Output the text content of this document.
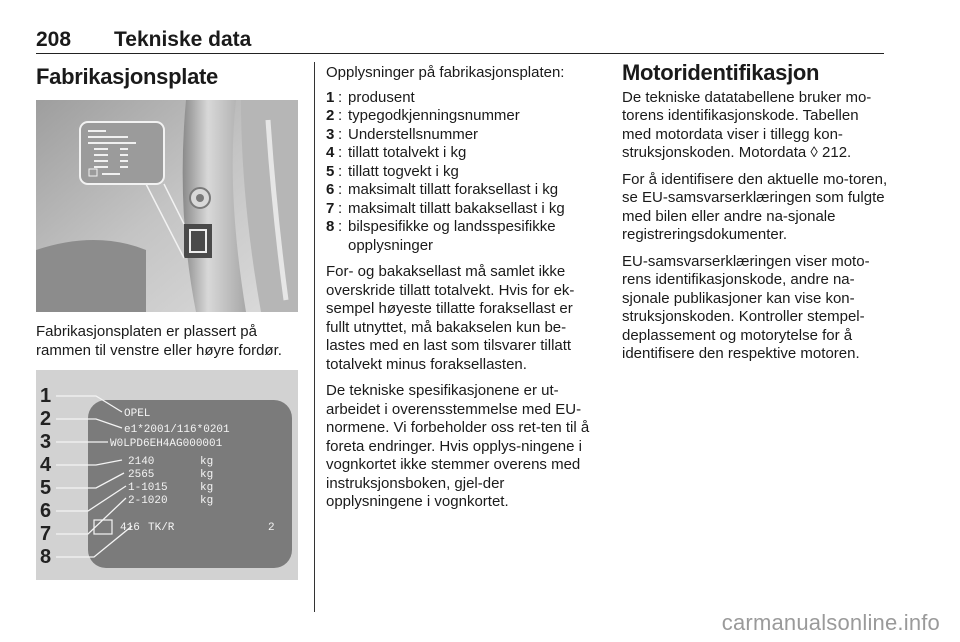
208 Tekniske data
Fabrikasjonsplate

Fabrikasjonsplaten er plassert på rammen til venstre eller høyre fordør.

1
2
3
4
5
6
7
8
OPEL
e1*2001/116*0201
W0LPD6EH4AG000001
2140	kg
2565	kg
1-1015	kg
2-1020	kg
416 TK/R	2

Opplysninger på fabrikasjonsplaten:

1 : produsent
2 : typegodkjenningsnummer
3 : Understellsnummer
4 : tillatt totalvekt i kg
5 : tillatt togvekt i kg
6 : maksimalt tillatt foraksellast i kg
7 : maksimalt tillatt bakaksellast i kg
8 : bilspesifikke og landsspesifikke opplysninger

For- og bakaksellast må samlet ikke overskride tillatt totalvekt. Hvis for ek-sempel høyeste tillatte foraksellast er fullt utnyttet, må bakakselen kun be-lastes med en last som tilsvarer tillatt totalvekt minus foraksellasten.

De tekniske spesifikasjonene er ut-arbeidet i overensstemmelse med EU-normene. Vi forbeholder oss ret-ten til å foreta endringer. Hvis opplys-ningene i vognkortet ikke stemmer overens med instruksjonsboken, gjel-der opplysningene i vognkortet.

Motoridentifikasjon

De tekniske datatabellene bruker mo-torens identifikasjonskode. Tabellen med motordata viser i tillegg kon-struksjonskoden. Motordata ◊ 212.

For å identifisere den aktuelle mo-toren, se EU-samsvarserklæringen som fulgte med bilen eller andre na-sjonale registreringsdokumenter.

EU-samsvarserklæringen viser moto-rens identifikasjonskode, andre na-sjonale publikasjoner kan vise kon-struksjonskoden. Kontroller stempel-deplassement og motorytelse for å identifisere den respektive motoren.

carmanualsonline.info
